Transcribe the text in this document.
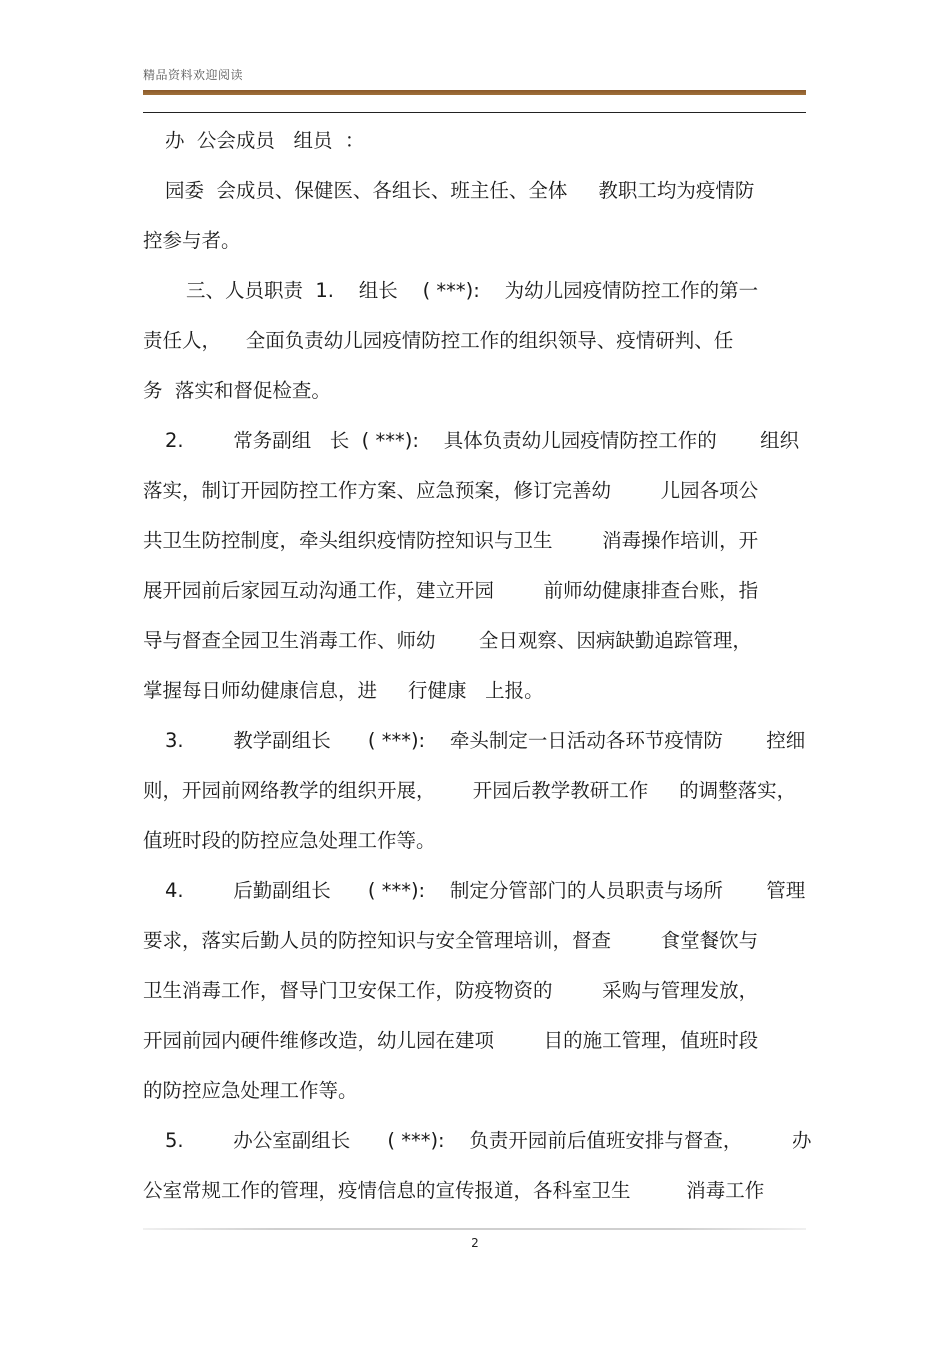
精品资料欢迎阅读
办  公会成员   组员  ：
园委  会成员、保健医、各组长、班主任、全体     教职工均为疫情防
控参与者。
三、人员职责  1.    组长    ( ***):    为幼儿园疫情防控工作的第一
责任人，    全面负责幼儿园疫情防控工作的组织领导、疫情研判、任
务  落实和督促检查。
2.        常务副组   长  ( ***):    具体负责幼儿园疫情防控工作的       组织
落实，制订开园防控工作方案、应急预案，修订完善幼        儿园各项公
共卫生防控制度，牵头组织疫情防控知识与卫生        消毒操作培训，开
展开园前后家园互动沟通工作，建立开园        前师幼健康排查台账，指
导与督查全园卫生消毒工作、师幼       全日观察、因病缺勤追踪管理，
掌握每日师幼健康信息，进     行健康   上报。
3.        教学副组长      ( ***):    牵头制定一日活动各环节疫情防       控细
则，开园前网络教学的组织开展，      开园后教学教研工作     的调整落实，
值班时段的防控应急处理工作等。
4.        后勤副组长      ( ***):    制定分管部门的人员职责与场所       管理
要求，落实后勤人员的防控知识与安全管理培训，督查        食堂餐饮与
卫生消毒工作，督导门卫安保工作，防疫物资的        采购与管理发放，
开园前园内硬件维修改造，幼儿园在建项        目的施工管理，值班时段
的防控应急处理工作等。
5.        办公室副组长      ( ***):    负责开园前后值班安排与督查，        办
公室常规工作的管理，疫情信息的宣传报道，各科室卫生         消毒工作
2
